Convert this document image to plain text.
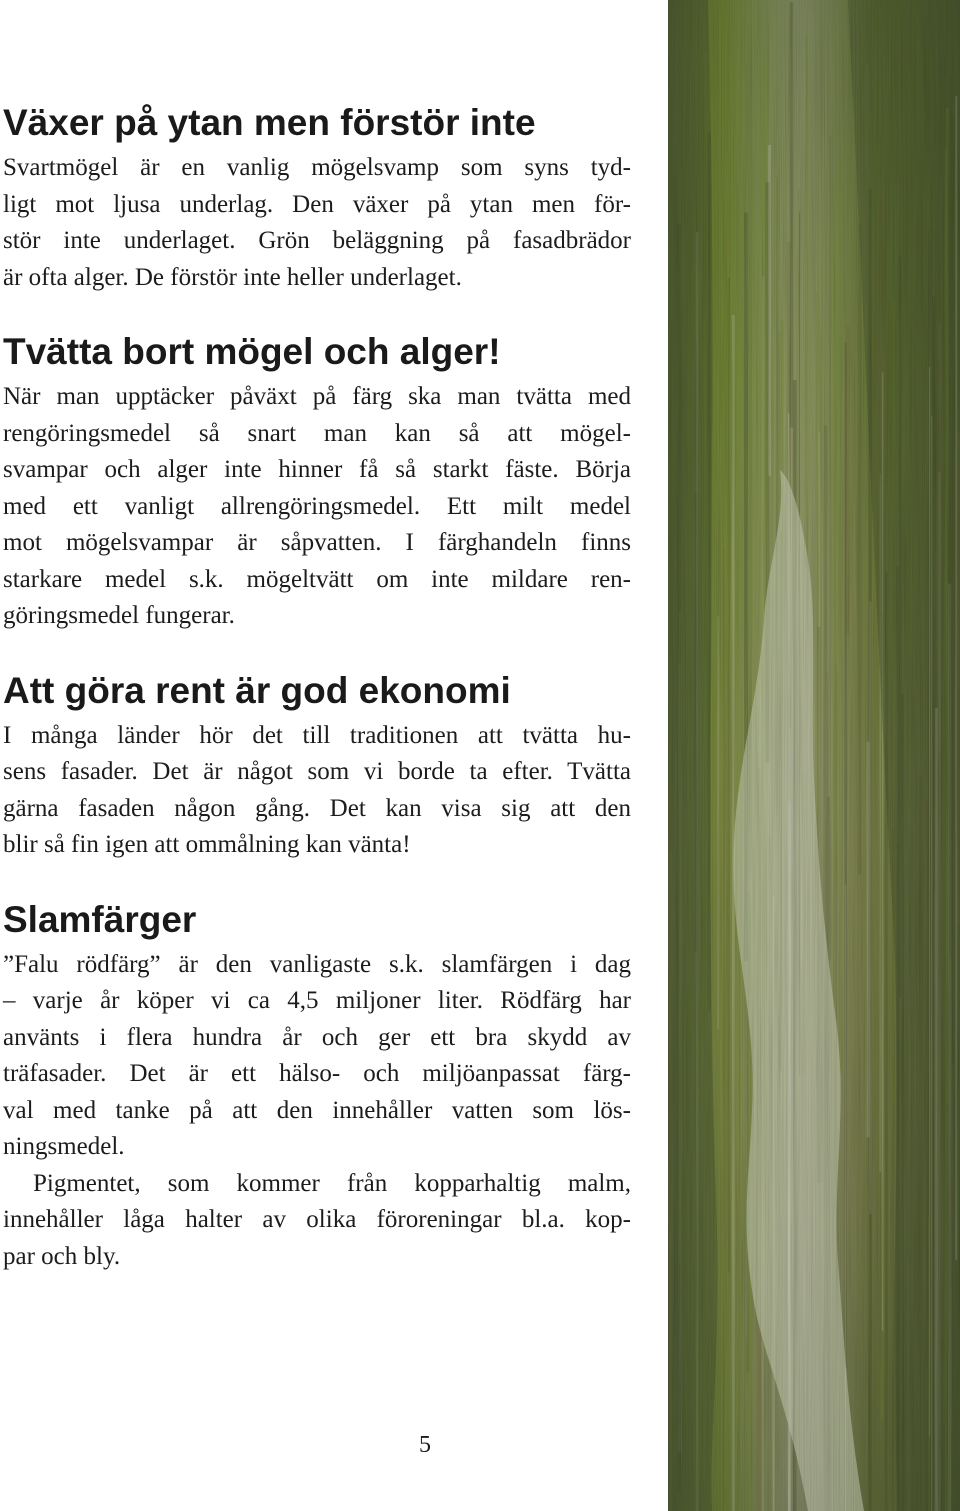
Växer på ytan men förstör inte
Svartmögel är en vanlig mögelsvamp som syns tyd-
ligt mot ljusa underlag. Den växer på ytan men för-
stör inte underlaget. Grön beläggning på fasadbrädor
är ofta alger. De förstör inte heller underlaget.
Tvätta bort mögel och alger!
När man upptäcker påväxt på färg ska man tvätta med
rengöringsmedel så snart man kan så att mögel-
svampar och alger inte hinner få så starkt fäste. Börja
med ett vanligt allrengöringsmedel. Ett milt medel
mot mögelsvampar är såpvatten. I färghandeln finns
starkare medel s.k. mögeltvätt om inte mildare ren-
göringsmedel fungerar.
Att göra rent är god ekonomi
I många länder hör det till traditionen att tvätta hu-
sens fasader. Det är något som vi borde ta efter. Tvätta
gärna fasaden någon gång. Det kan visa sig att den
blir så fin igen att ommålning kan vänta!
Slamfärger
”Falu rödfärg” är den vanligaste s.k. slamfärgen i dag
– varje år köper vi ca 4,5 miljoner liter. Rödfärg har
använts i flera hundra år och ger ett bra skydd av
träfasader. Det är ett hälso- och miljöanpassat färg-
val med tanke på att den innehåller vatten som lös-
ningsmedel.
Pigmentet, som kommer från kopparhaltig malm,
innehåller låga halter av olika föroreningar bl.a. kop-
par och bly.
5
